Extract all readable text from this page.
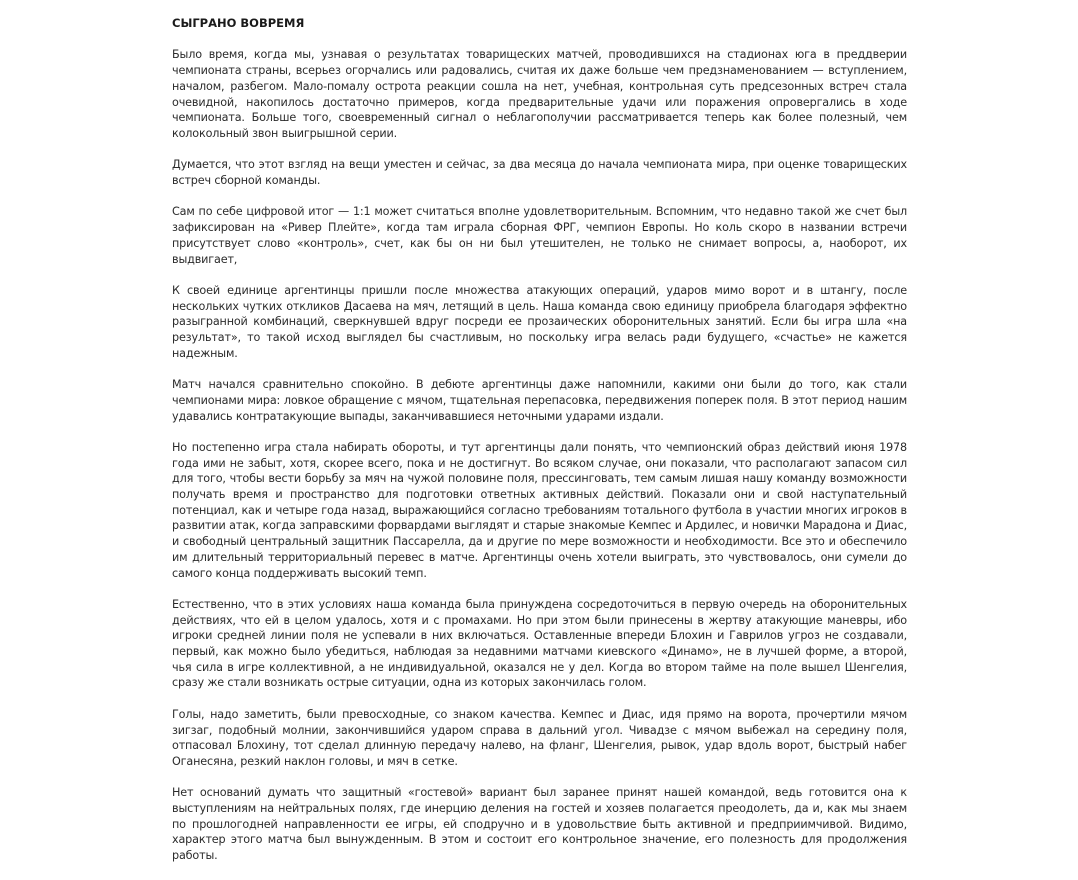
СЫГРАНО ВОВРЕМЯ

Было время, когда мы, узнавая о результатах товарищеских матчей, проводившихся на стадионах юга в преддверии чемпионата страны, всерьез огорчались или радовались, считая их даже больше чем предзнаменованием — вступлением, началом, разбегом. Мало-помалу острота реакции сошла на нет, учебная, контрольная суть предсезонных встреч стала очевидной, накопилось достаточно примеров, когда предварительные удачи или поражения опровергались в ходе чемпионата. Больше того, своевременный сигнал о неблагополучии рассматривается теперь как более полезный, чем колокольный звон выигрышной серии.

Думается, что этот взгляд на вещи уместен и сейчас, за два месяца до начала чемпионата мира, при оценке товарищеских встреч сборной команды.

Сам по себе цифровой итог — 1:1 может считаться вполне удовлетворительным. Вспомним, что недавно такой же счет был зафиксирован на «Ривер Плейте», когда там играла сборная ФРГ, чемпион Европы. Но коль скоро в названии встречи присутствует слово «контроль», счет, как бы он ни был утешителен, не только не снимает вопросы, а, наоборот, их выдвигает,

К своей единице аргентинцы пришли после множества атакующих операций, ударов мимо ворот и в штангу, после нескольких чутких откликов Дасаева на мяч, летящий в цель. Наша команда свою единицу приобрела благодаря эффектно разыгранной комбинаций, сверкнувшей вдруг посреди ее прозаических оборонительных занятий. Если бы игра шла «на результат», то такой исход выглядел бы счастливым, но поскольку игра велась ради будущего, «счастье» не кажется надежным.

Матч начался сравнительно спокойно. В дебюте аргентинцы даже напомнили, какими они были до того, как стали чемпионами мира: ловкое обращение с мячом, тщательная перепасовка, передвижения поперек поля. В этот период нашим удавались контратакующие выпады, заканчивавшиеся неточными ударами издали.

Но постепенно игра стала набирать обороты, и тут аргентинцы дали понять, что чемпионский образ действий июня 1978 года ими не забыт, хотя, скорее всего, пока и не достигнут. Во всяком случае, они показали, что располагают запасом сил для того, чтобы вести борьбу за мяч на чужой половине поля, прессинговать, тем самым лишая нашу команду возможности получать время и пространство для подготовки ответных активных действий. Показали они и свой наступательный потенциал, как и четыре года назад, выражающийся согласно требованиям тотального футбола в участии многих игроков в развитии атак, когда заправскими форвардами выглядят и старые знакомые Кемпес и Ардилес, и новички Марадона и Диас, и свободный центральный защитник Пассарелла, да и другие по мере возможности и необходимости. Все это и обеспечило им длительный территориальный перевес в матче. Аргентинцы очень хотели выиграть, это чувствовалось, они сумели до самого конца поддерживать высокий темп.

Естественно, что в этих условиях наша команда была принуждена сосредоточиться в первую очередь на оборонительных действиях, что ей в целом удалось, хотя и с промахами. Но при этом были принесены в жертву атакующие маневры, ибо игроки средней линии поля не успевали в них включаться. Оставленные впереди Блохин и Гаврилов угроз не создавали, первый, как можно было убедиться, наблюдая за недавними матчами киевского «Динамо», не в лучшей форме, а второй, чья сила в игре коллективной, а не индивидуальной, оказался не у дел. Когда во втором тайме на поле вышел Шенгелия, сразу же стали возникать острые ситуации, одна из которых закончилась голом.

Голы, надо заметить, были превосходные, со знаком качества. Кемпес и Диас, идя прямо на ворота, прочертили мячом зигзаг, подобный молнии, закончившийся ударом справа в дальний угол. Чивадзе с мячом выбежал на середину поля, отпасовал Блохину, тот сделал длинную передачу налево, на фланг, Шенгелия, рывок, удар вдоль ворот, быстрый набег Оганесяна, резкий наклон головы, и мяч в сетке.

Нет оснований думать что защитный «гостевой» вариант был заранее принят нашей командой, ведь готовится она к выступлениям на нейтральных полях, где инерцию деления на гостей и хозяев полагается преодолеть, да и, как мы знаем по прошлогодней направленности ее игры, ей сподручно и в удовольствие быть активной и предприимчивой. Видимо, характер этого матча был вынужденным. В этом и состоит его контрольное значение, его полезность для продолжения работы.
